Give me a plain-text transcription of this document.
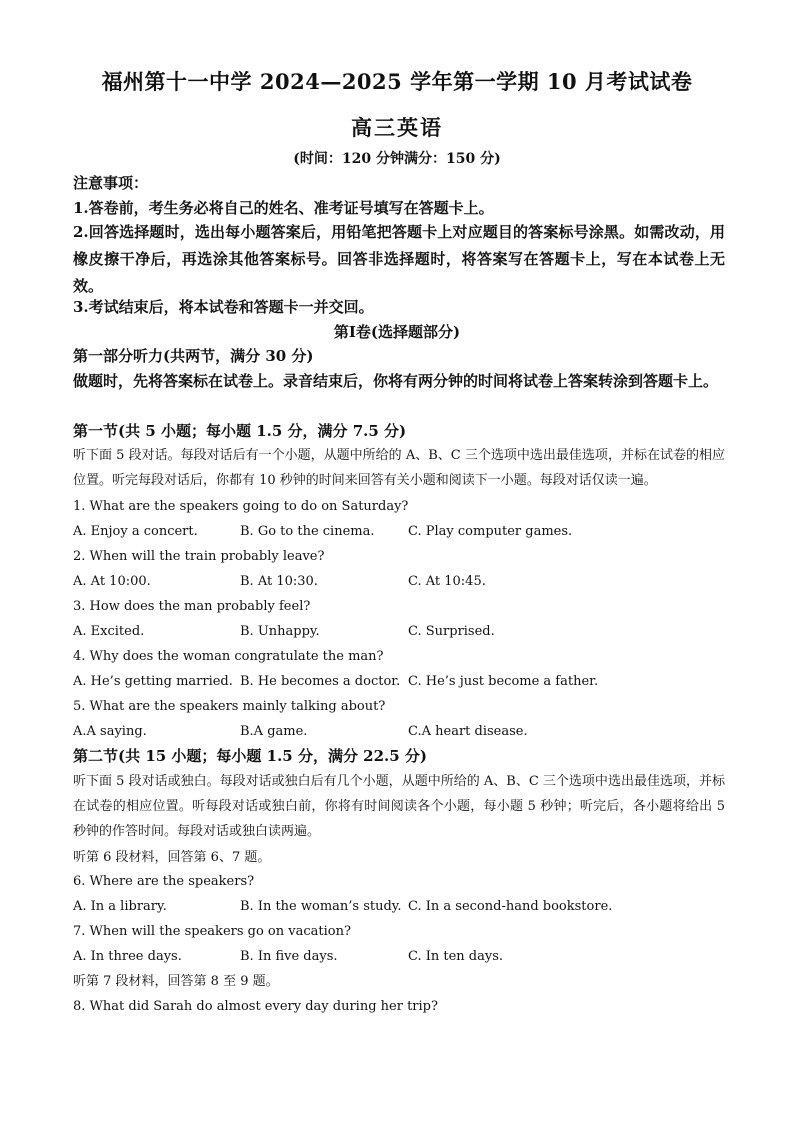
福州第十一中学 2024—2025 学年第一学期 10 月考试试卷
高三英语
(时间：120 分钟满分：150 分)
注意事项：
1.答卷前，考生务必将自己的姓名、准考证号填写在答题卡上。
2.回答选择题时，选出每小题答案后，用铅笔把答题卡上对应题目的答案标号涂黑。如需改动，用橡皮擦干净后，再选涂其他答案标号。回答非选择题时，将答案写在答题卡上，写在本试卷上无效。
3.考试结束后，将本试卷和答题卡一并交回。
第Ⅰ卷(选择题部分)
第一部分听力(共两节，满分 30 分)
做题时，先将答案标在试卷上。录音结束后，你将有两分钟的时间将试卷上答案转涂到答题卡上。
第一节(共 5 小题；每小题 1.5 分，满分 7.5 分)
听下面 5 段对话。每段对话后有一个小题，从题中所给的 A、B、C 三个选项中选出最佳选项，并标在试卷的相应位置。听完每段对话后，你都有 10 秒钟的时间来回答有关小题和阅读下一小题。每段对话仅读一遍。
1. What are the speakers going to do on Saturday?
A. Enjoy a concert.	B. Go to the cinema.	C. Play computer games.
2. When will the train probably leave?
A. At 10:00.	B. At 10:30.	C. At 10:45.
3. How does the man probably feel?
A. Excited.	B. Unhappy.	C. Surprised.
4. Why does the woman congratulate the man?
A. He’s getting married. B. He becomes a doctor. C. He’s just become a father.
5. What are the speakers mainly talking about?
A.A saying.	B.A game.	C.A heart disease.
第二节(共 15 小题；每小题 1.5 分，满分 22.5 分)
听下面 5 段对话或独白。每段对话或独白后有几个小题，从题中所给的 A、B、C 三个选项中选出最佳选项，并标在试卷的相应位置。听每段对话或独白前，你将有时间阅读各个小题，每小题 5 秒钟；听完后，各小题将给出 5 秒钟的作答时间。每段对话或独白读两遍。
听第 6 段材料，回答第 6、7 题。
6. Where are the speakers?
A. In a library.	B. In the woman’s study. C. In a second-hand bookstore.
7. When will the speakers go on vacation?
A. In three days.	B. In five days.	C. In ten days.
听第 7 段材料，回答第 8 至 9 题。
8. What did Sarah do almost every day during her trip?
